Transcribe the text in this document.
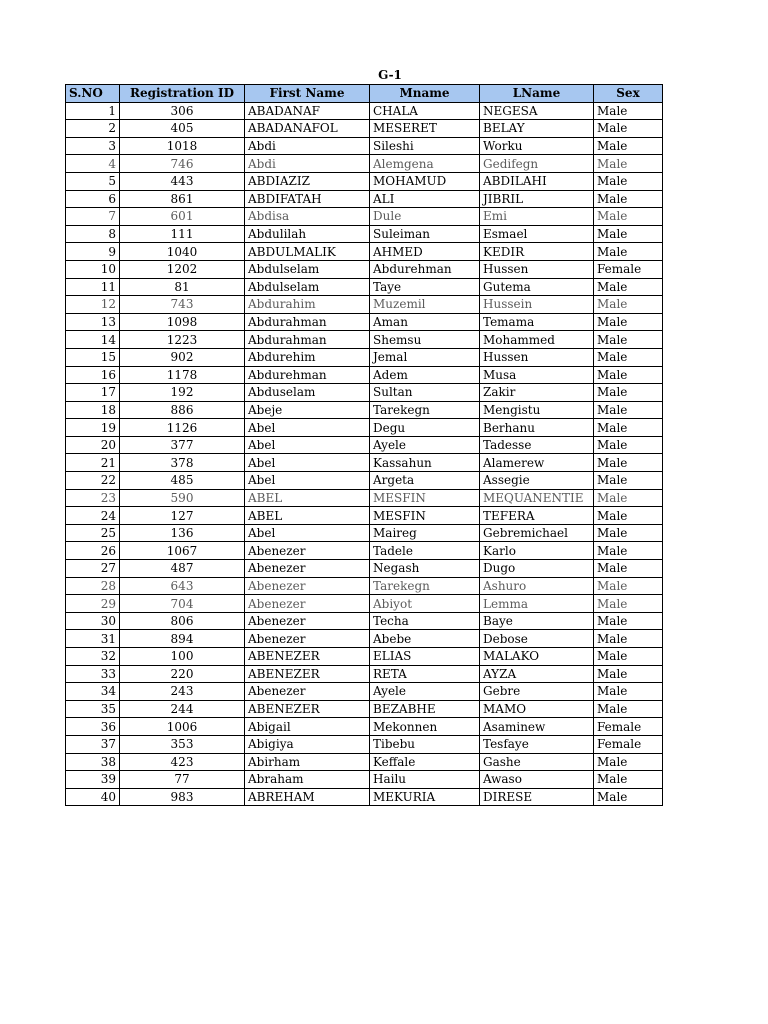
G-1
S.NO	Registration ID	First Name	Mname	LName	Sex
1	306	ABADANAF	CHALA	NEGESA	Male
2	405	ABADANAFOL	MESERET	BELAY	Male
3	1018	Abdi	Sileshi	Worku	Male
4	746	Abdi	Alemgena	Gedifegn	Male
5	443	ABDIAZIZ	MOHAMUD	ABDILAHI	Male
6	861	ABDIFATAH	ALI	JIBRIL	Male
7	601	Abdisa	Dule	Emi	Male
8	111	Abdulilah	Suleiman	Esmael	Male
9	1040	ABDULMALIK	AHMED	KEDIR	Male
10	1202	Abdulselam	Abdurehman	Hussen	Female
11	81	Abdulselam	Taye	Gutema	Male
12	743	Abdurahim	Muzemil	Hussein	Male
13	1098	Abdurahman	Aman	Temama	Male
14	1223	Abdurahman	Shemsu	Mohammed	Male
15	902	Abdurehim	Jemal	Hussen	Male
16	1178	Abdurehman	Adem	Musa	Male
17	192	Abduselam	Sultan	Zakir	Male
18	886	Abeje	Tarekegn	Mengistu	Male
19	1126	Abel	Degu	Berhanu	Male
20	377	Abel	Ayele	Tadesse	Male
21	378	Abel	Kassahun	Alamerew	Male
22	485	Abel	Argeta	Assegie	Male
23	590	ABEL	MESFIN	MEQUANENTIE	Male
24	127	ABEL	MESFIN	TEFERA	Male
25	136	Abel	Maireg	Gebremichael	Male
26	1067	Abenezer	Tadele	Karlo	Male
27	487	Abenezer	Negash	Dugo	Male
28	643	Abenezer	Tarekegn	Ashuro	Male
29	704	Abenezer	Abiyot	Lemma	Male
30	806	Abenezer	Techa	Baye	Male
31	894	Abenezer	Abebe	Debose	Male
32	100	ABENEZER	ELIAS	MALAKO	Male
33	220	ABENEZER	RETA	AYZA	Male
34	243	Abenezer	Ayele	Gebre	Male
35	244	ABENEZER	BEZABHE	MAMO	Male
36	1006	Abigail	Mekonnen	Asaminew	Female
37	353	Abigiya	Tibebu	Tesfaye	Female
38	423	Abirham	Keffale	Gashe	Male
39	77	Abraham	Hailu	Awaso	Male
40	983	ABREHAM	MEKURIA	DIRESE	Male
